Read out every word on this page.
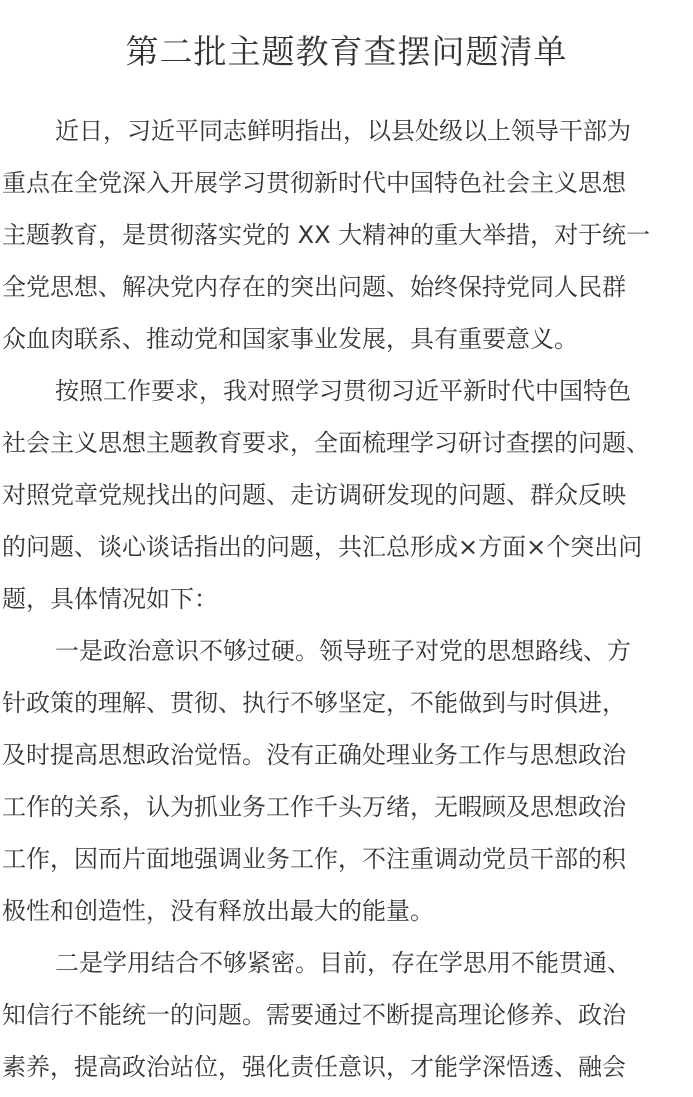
第二批主题教育查摆问题清单
近日，习近平同志鲜明指出，以县处级以上领导干部为
重点在全党深入开展学习贯彻新时代中国特色社会主义思想
主题教育，是贯彻落实党的 XX 大精神的重大举措，对于统一
全党思想、解决党内存在的突出问题、始终保持党同人民群
众血肉联系、推动党和国家事业发展，具有重要意义。
按照工作要求，我对照学习贯彻习近平新时代中国特色
社会主义思想主题教育要求，全面梳理学习研讨查摆的问题、
对照党章党规找出的问题、走访调研发现的问题、群众反映
的问题、谈心谈话指出的问题，共汇总形成×方面×个突出问
题，具体情况如下：
一是政治意识不够过硬。领导班子对党的思想路线、方
针政策的理解、贯彻、执行不够坚定，不能做到与时俱进，
及时提高思想政治觉悟。没有正确处理业务工作与思想政治
工作的关系，认为抓业务工作千头万绪，无暇顾及思想政治
工作，因而片面地强调业务工作，不注重调动党员干部的积
极性和创造性，没有释放出最大的能量。
二是学用结合不够紧密。目前，存在学思用不能贯通、
知信行不能统一的问题。需要通过不断提高理论修养、政治
素养，提高政治站位，强化责任意识，才能学深悟透、融会
